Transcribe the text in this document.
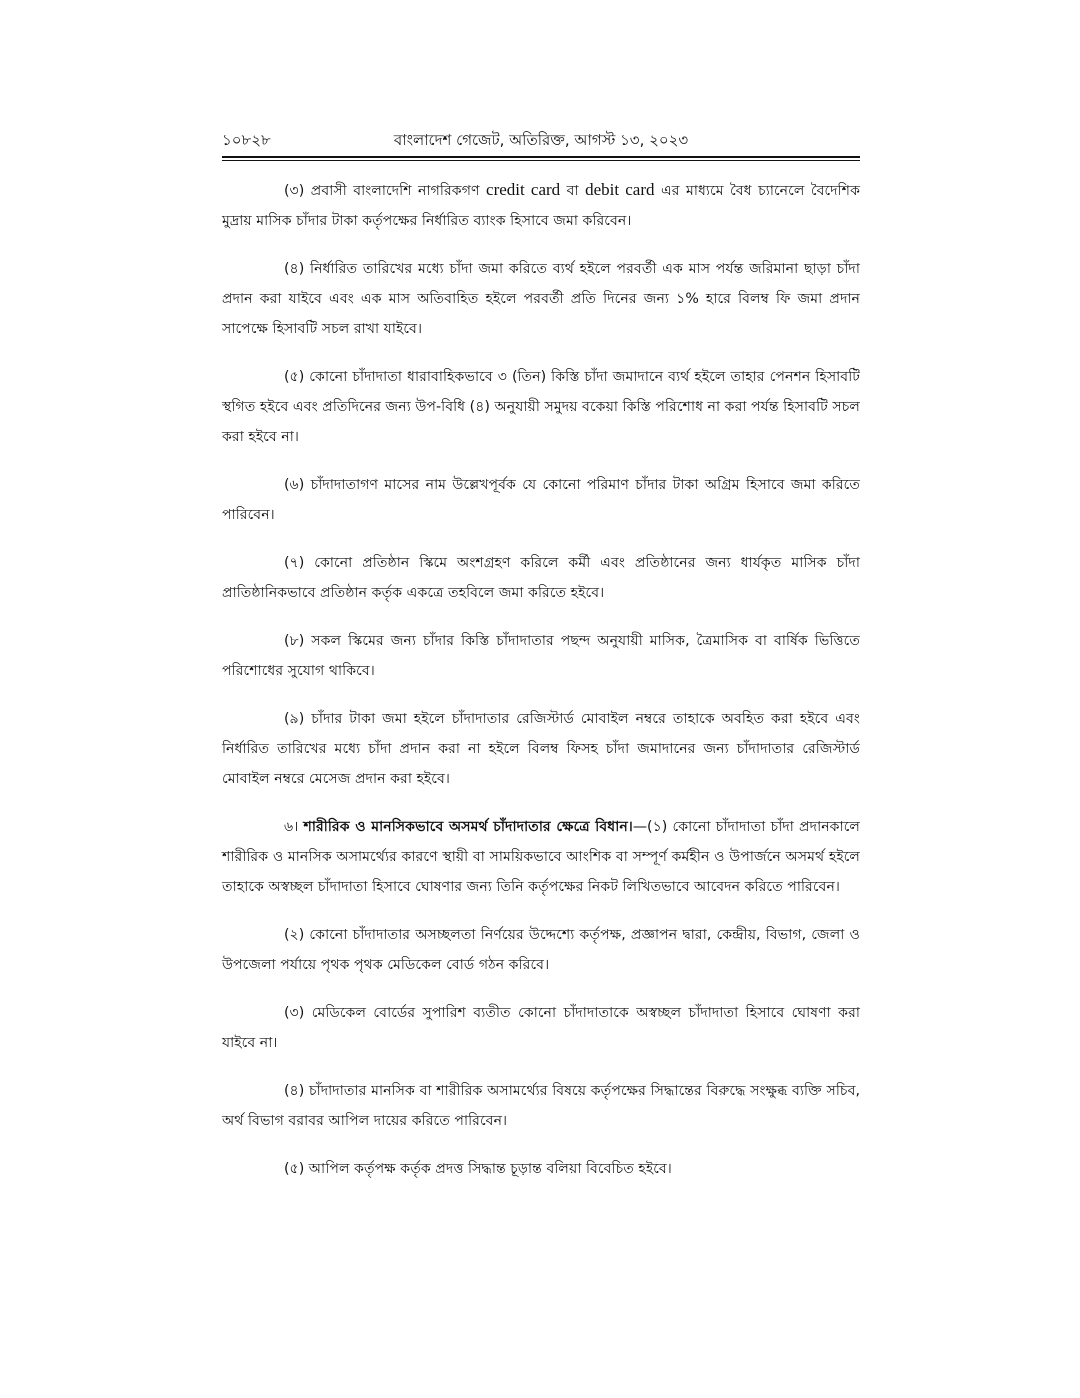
১০৮২৮	বাংলাদেশ গেজেট, অতিরিক্ত, আগস্ট ১৩, ২০২৩

(৩) প্রবাসী বাংলাদেশি নাগরিকগণ credit card বা debit card এর মাধ্যমে বৈধ চ্যানেলে বৈদেশিক মুদ্রায় মাসিক চাঁদার টাকা কর্তৃপক্ষের নির্ধারিত ব্যাংক হিসাবে জমা করিবেন।

(৪) নির্ধারিত তারিখের মধ্যে চাঁদা জমা করিতে ব্যর্থ হইলে পরবর্তী এক মাস পর্যন্ত জরিমানা ছাড়া চাঁদা প্রদান করা যাইবে এবং এক মাস অতিবাহিত হইলে পরবর্তী প্রতি দিনের জন্য ১% হারে বিলম্ব ফি জমা প্রদান সাপেক্ষে হিসাবটি সচল রাখা যাইবে।

(৫) কোনো চাঁদাদাতা ধারাবাহিকভাবে ৩ (তিন) কিস্তি চাঁদা জমাদানে ব্যর্থ হইলে তাহার পেনশন হিসাবটি স্থগিত হইবে এবং প্রতিদিনের জন্য উপ-বিধি (৪) অনুযায়ী সমুদয় বকেয়া কিস্তি পরিশোধ না করা পর্যন্ত হিসাবটি সচল করা হইবে না।

(৬) চাঁদাদাতাগণ মাসের নাম উল্লেখপূর্বক যে কোনো পরিমাণ চাঁদার টাকা অগ্রিম হিসাবে জমা করিতে পারিবেন।

(৭) কোনো প্রতিষ্ঠান স্কিমে অংশগ্রহণ করিলে কর্মী এবং প্রতিষ্ঠানের জন্য ধার্যকৃত মাসিক চাঁদা প্রাতিষ্ঠানিকভাবে প্রতিষ্ঠান কর্তৃক একত্রে তহবিলে জমা করিতে হইবে।

(৮) সকল স্কিমের জন্য চাঁদার কিস্তি চাঁদাদাতার পছন্দ অনুযায়ী মাসিক, ত্রৈমাসিক বা বার্ষিক ভিত্তিতে পরিশোধের সুযোগ থাকিবে।

(৯) চাঁদার টাকা জমা হইলে চাঁদাদাতার রেজিস্টার্ড মোবাইল নম্বরে তাহাকে অবহিত করা হইবে এবং নির্ধারিত তারিখের মধ্যে চাঁদা প্রদান করা না হইলে বিলম্ব ফিসহ চাঁদা জমাদানের জন্য চাঁদাদাতার রেজিস্টার্ড মোবাইল নম্বরে মেসেজ প্রদান করা হইবে।

৬। শারীরিক ও মানসিকভাবে অসমর্থ চাঁদাদাতার ক্ষেত্রে বিধান।—(১) কোনো চাঁদাদাতা চাঁদা প্রদানকালে শারীরিক ও মানসিক অসামর্থ্যের কারণে স্থায়ী বা সাময়িকভাবে আংশিক বা সম্পূর্ণ কর্মহীন ও উপার্জনে অসমর্থ হইলে তাহাকে অস্বচ্ছল চাঁদাদাতা হিসাবে ঘোষণার জন্য তিনি কর্তৃপক্ষের নিকট লিখিতভাবে আবেদন করিতে পারিবেন।

(২) কোনো চাঁদাদাতার অসচ্ছলতা নির্ণয়ের উদ্দেশ্যে কর্তৃপক্ষ, প্রজ্ঞাপন দ্বারা, কেন্দ্রীয়, বিভাগ, জেলা ও উপজেলা পর্যায়ে পৃথক পৃথক মেডিকেল বোর্ড গঠন করিবে।

(৩) মেডিকেল বোর্ডের সুপারিশ ব্যতীত কোনো চাঁদাদাতাকে অস্বচ্ছল চাঁদাদাতা হিসাবে ঘোষণা করা যাইবে না।

(৪) চাঁদাদাতার মানসিক বা শারীরিক অসামর্থ্যের বিষয়ে কর্তৃপক্ষের সিদ্ধান্তের বিরুদ্ধে সংক্ষুব্ধ ব্যক্তি সচিব, অর্থ বিভাগ বরাবর আপিল দায়ের করিতে পারিবেন।

(৫) আপিল কর্তৃপক্ষ কর্তৃক প্রদত্ত সিদ্ধান্ত চূড়ান্ত বলিয়া বিবেচিত হইবে।
